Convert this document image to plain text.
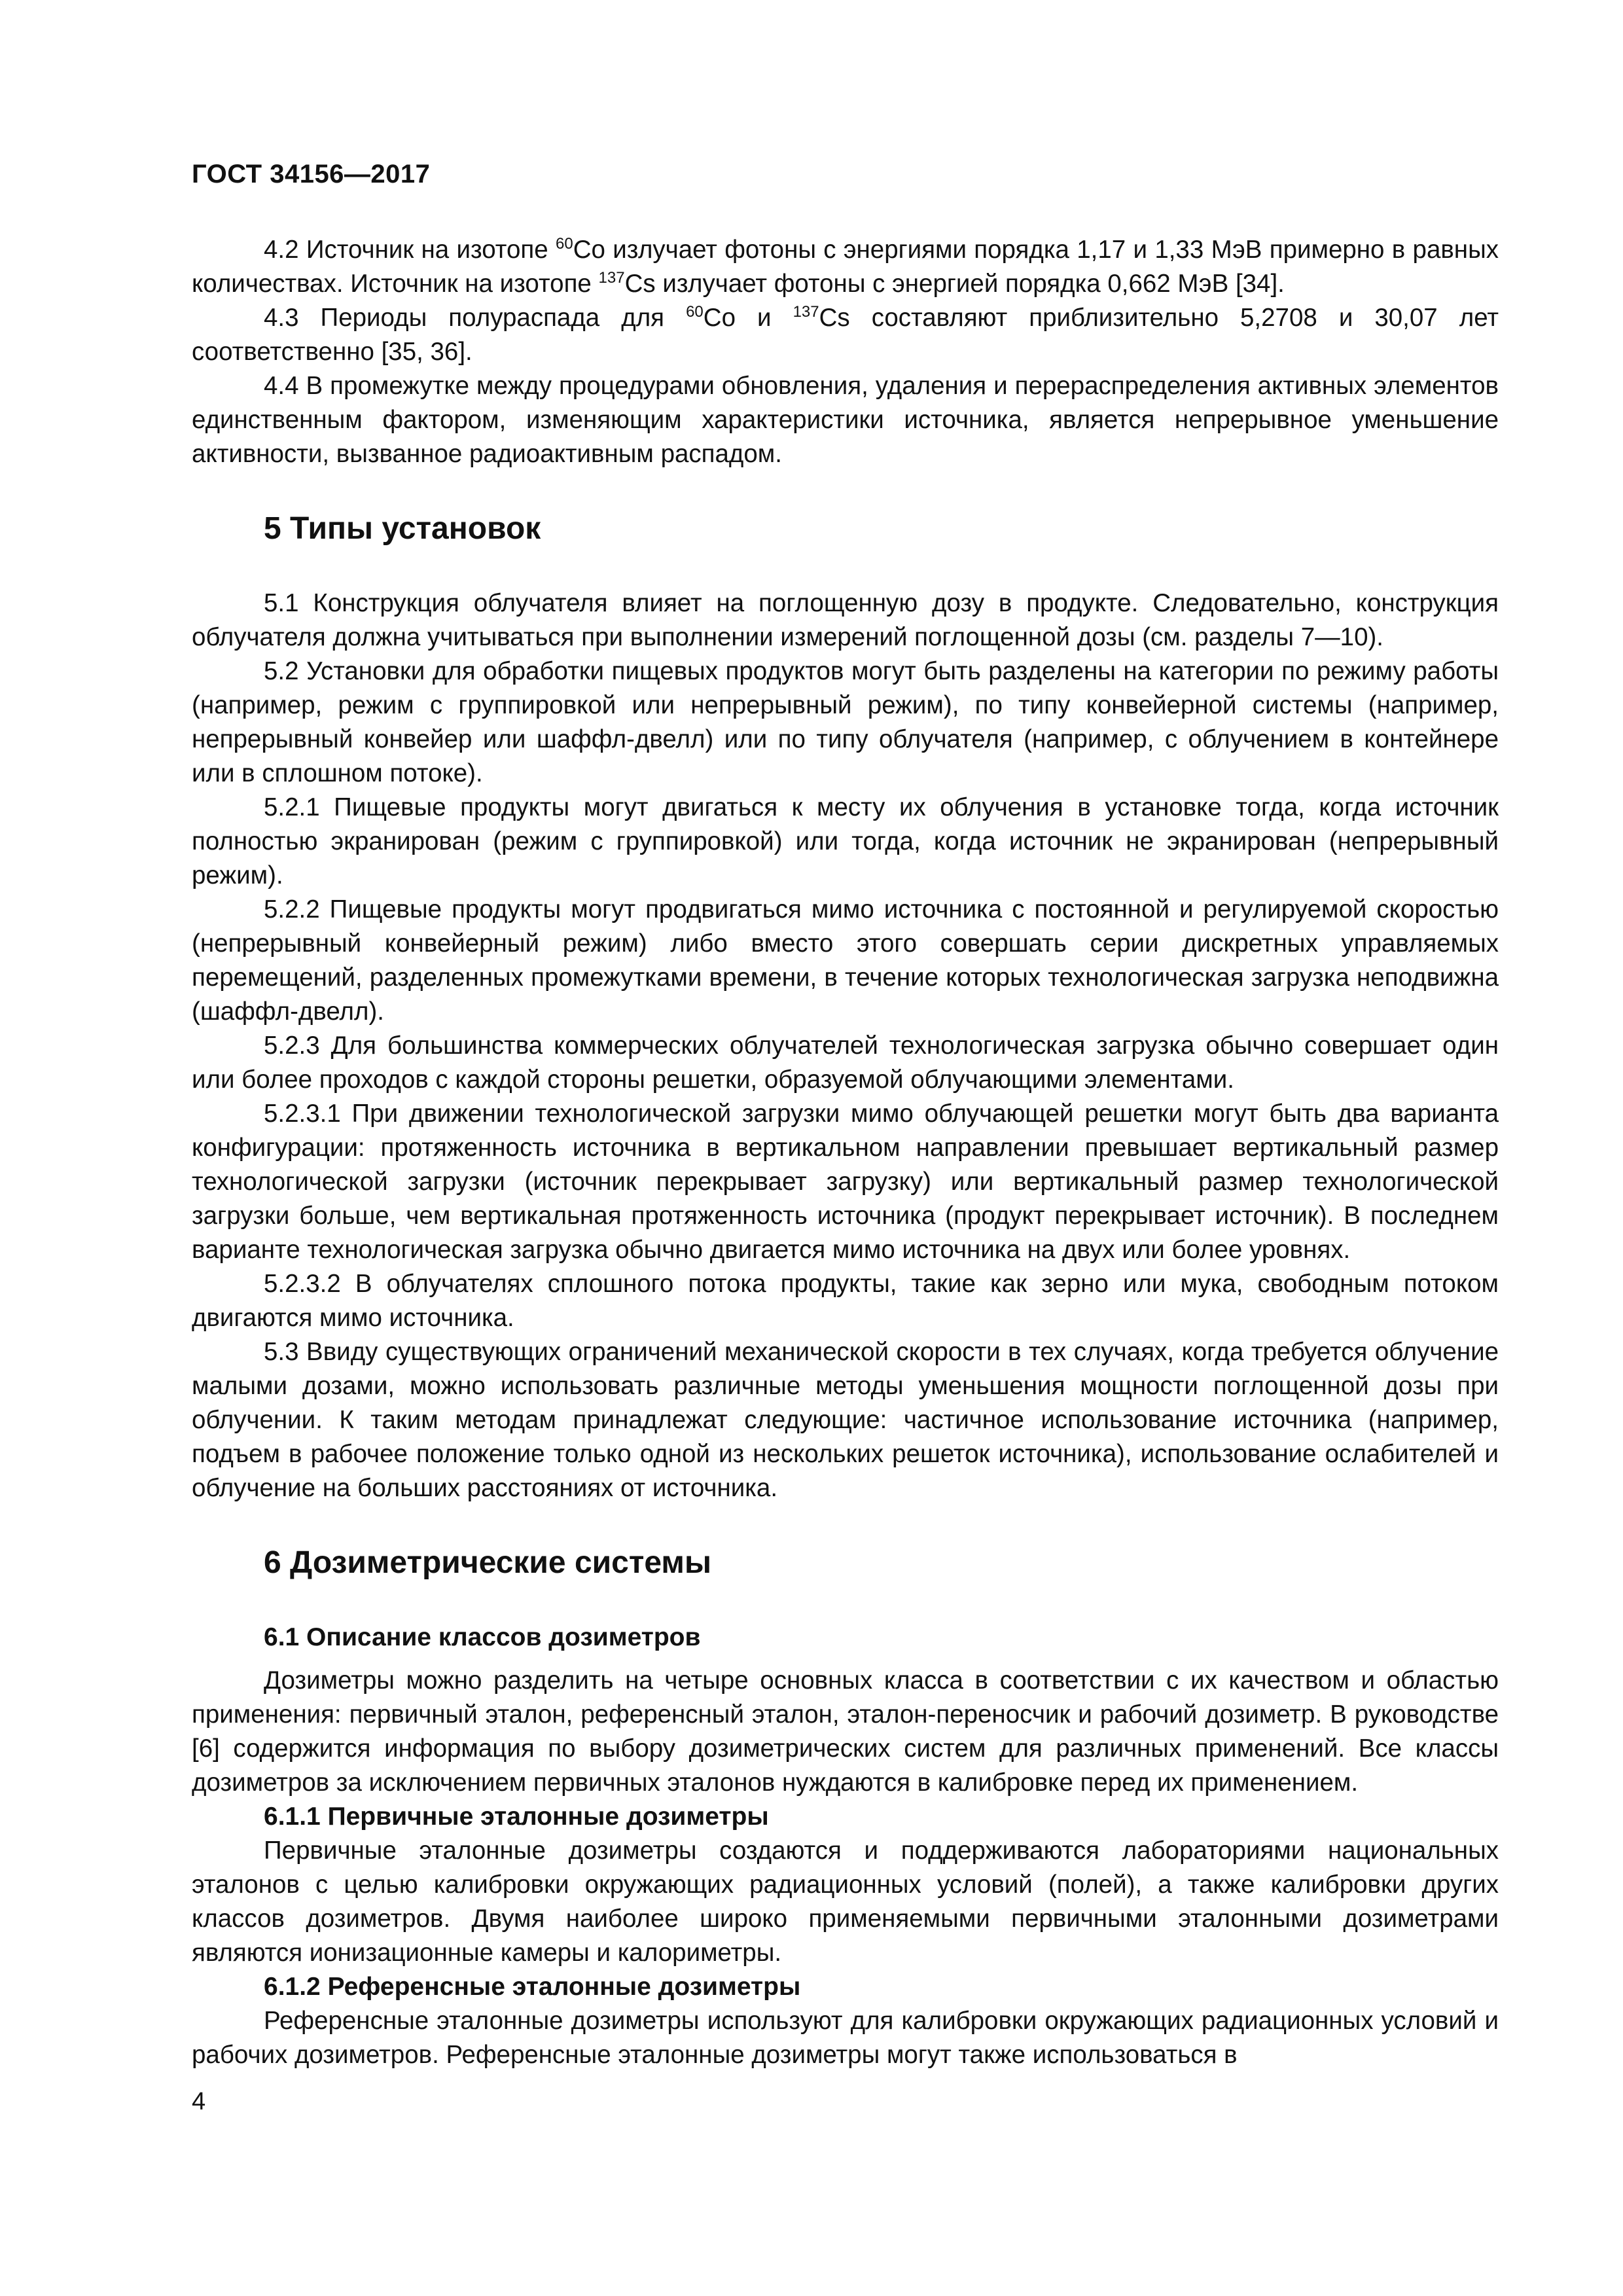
ГОСТ 34156—2017

4.2 Источник на изотопе $^{60}$Со излучает фотоны с энергиями порядка 1,17 и 1,33 МэВ примерно в равных количествах. Источник на изотопе $^{137}$Cs излучает фотоны с энергией порядка 0,662 МэВ [34].

4.3 Периоды полураспада для $^{60}$Со и $^{137}$Cs составляют приблизительно 5,2708 и 30,07 лет соответственно [35, 36].

4.4 В промежутке между процедурами обновления, удаления и перераспределения активных элементов единственным фактором, изменяющим характеристики источника, является непрерывное уменьшение активности, вызванное радиоактивным распадом.

5 Типы установок

5.1 Конструкция облучателя влияет на поглощенную дозу в продукте. Следовательно, конструкция облучателя должна учитываться при выполнении измерений поглощенной дозы (см. разделы 7—10).

5.2 Установки для обработки пищевых продуктов могут быть разделены на категории по режиму работы (например, режим с группировкой или непрерывный режим), по типу конвейерной системы (например, непрерывный конвейер или шаффл-двелл) или по типу облучателя (например, с облучением в контейнере или в сплошном потоке).

5.2.1 Пищевые продукты могут двигаться к месту их облучения в установке тогда, когда источник полностью экранирован (режим с группировкой) или тогда, когда источник не экранирован (непрерывный режим).

5.2.2 Пищевые продукты могут продвигаться мимо источника с постоянной и регулируемой скоростью (непрерывный конвейерный режим) либо вместо этого совершать серии дискретных управляемых перемещений, разделенных промежутками времени, в течение которых технологическая загрузка неподвижна (шаффл-двелл).

5.2.3 Для большинства коммерческих облучателей технологическая загрузка обычно совершает один или более проходов с каждой стороны решетки, образуемой облучающими элементами.

5.2.3.1 При движении технологической загрузки мимо облучающей решетки могут быть два варианта конфигурации: протяженность источника в вертикальном направлении превышает вертикальный размер технологической загрузки (источник перекрывает загрузку) или вертикальный размер технологической загрузки больше, чем вертикальная протяженность источника (продукт перекрывает источник). В последнем варианте технологическая загрузка обычно двигается мимо источника на двух или более уровнях.

5.2.3.2 В облучателях сплошного потока продукты, такие как зерно или мука, свободным потоком двигаются мимо источника.

5.3 Ввиду существующих ограничений механической скорости в тех случаях, когда требуется облучение малыми дозами, можно использовать различные методы уменьшения мощности поглощенной дозы при облучении. К таким методам принадлежат следующие: частичное использование источника (например, подъем в рабочее положение только одной из нескольких решеток источника), использование ослабителей и облучение на больших расстояниях от источника.

6 Дозиметрические системы
6.1 Описание классов дозиметров

Дозиметры можно разделить на четыре основных класса в соответствии с их качеством и областью применения: первичный эталон, референсный эталон, эталон-переносчик и рабочий дозиметр. В руководстве [6] содержится информация по выбору дозиметрических систем для различных применений. Все классы дозиметров за исключением первичных эталонов нуждаются в калибровке перед их применением.

6.1.1 Первичные эталонные дозиметры

Первичные эталонные дозиметры создаются и поддерживаются лабораториями национальных эталонов с целью калибровки окружающих радиационных условий (полей), а также калибровки других классов дозиметров. Двумя наиболее широко применяемыми первичными эталонными дозиметрами являются ионизационные камеры и калориметры.

6.1.2 Референсные эталонные дозиметры

Референсные эталонные дозиметры используют для калибровки окружающих радиационных условий и рабочих дозиметров. Референсные эталонные дозиметры могут также использоваться в

4
